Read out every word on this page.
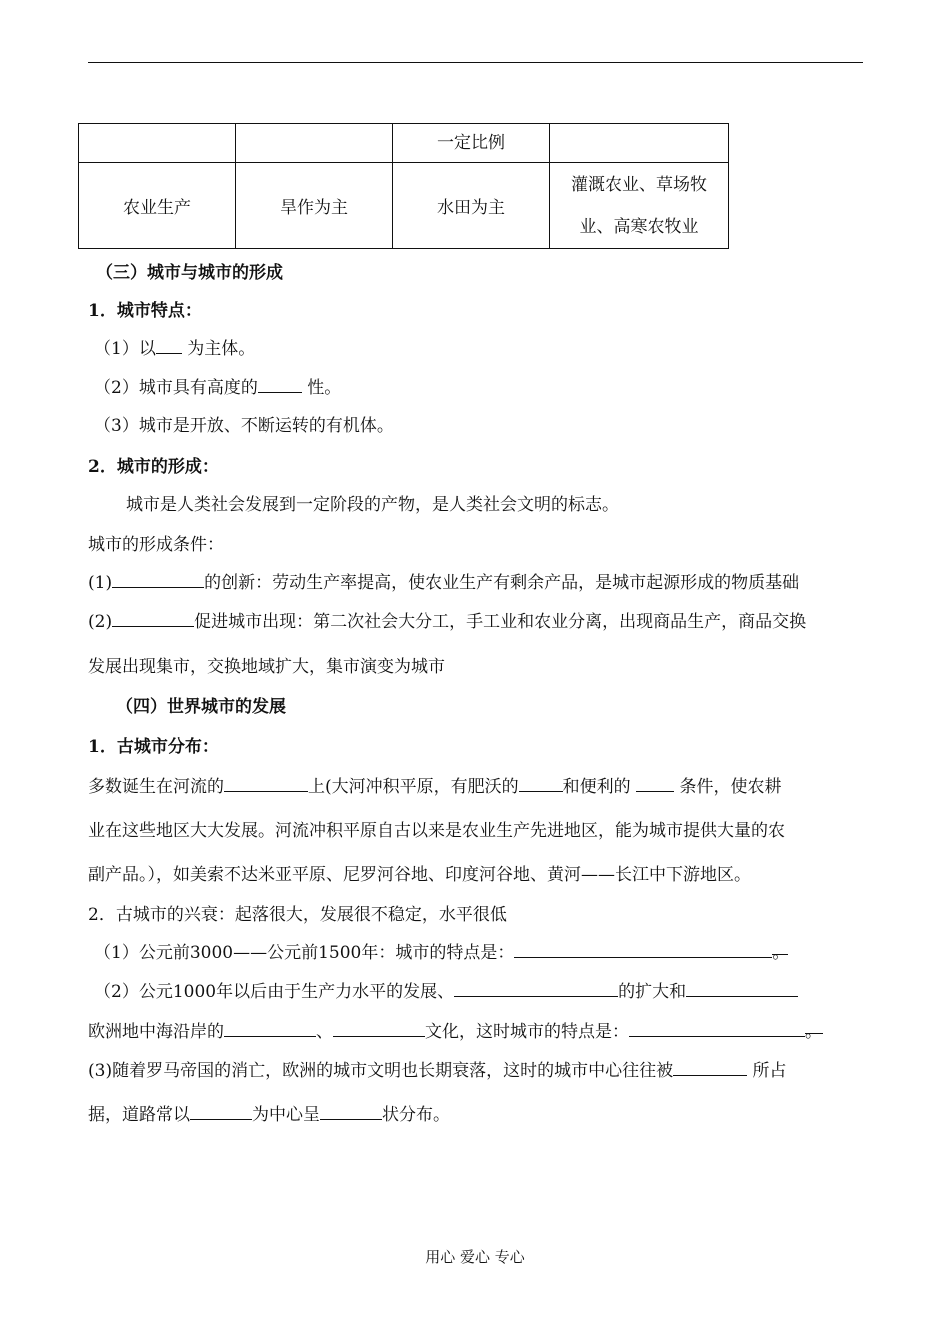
		一定比例	

农业生产	旱作为主	水田为主	灌溉农业、草场牧
业、高寒农牧业
（三）城市与城市的形成
1．城市特点：
（1）以 为主体。
（2）城市具有高度的	性。
（3）城市是开放、不断运转的有机体。
2．城市的形成：
城市是人类社会发展到一定阶段的产物，是人类社会文明的标志。
城市的形成条件：
(1)	的创新：劳动生产率提高，使农业生产有剩余产品，是城市起源形成的物质基础
(2)	促进城市出现：第二次社会大分工，手工业和农业分离，出现商品生产，商品交换
发展出现集市，交换地域扩大，集市演变为城市
（四）世界城市的发展
1．古城市分布：
多数诞生在河流的	上(大河冲积平原，有肥沃的	和便利的	条件，使农耕
业在这些地区大大发展。河流冲积平原自古以来是农业生产先进地区，能为城市提供大量的农
副产品。），如美索不达米亚平原、尼罗河谷地、印度河谷地、黄河——长江中下游地区。
2．古城市的兴衰：起落很大，发展很不稳定，水平很低
（1）公元前3000——公元前1500年：城市的特点是：	。
（2）公元1000年以后由于生产力水平的发展、	的扩大和
欧洲地中海沿岸的	、	文化，这时城市的特点是：	。
(3)随着罗马帝国的消亡，欧洲的城市文明也长期衰落，这时的城市中心往往被	所占
据，道路常以	为中心呈	状分布。
用心 爱心 专心
